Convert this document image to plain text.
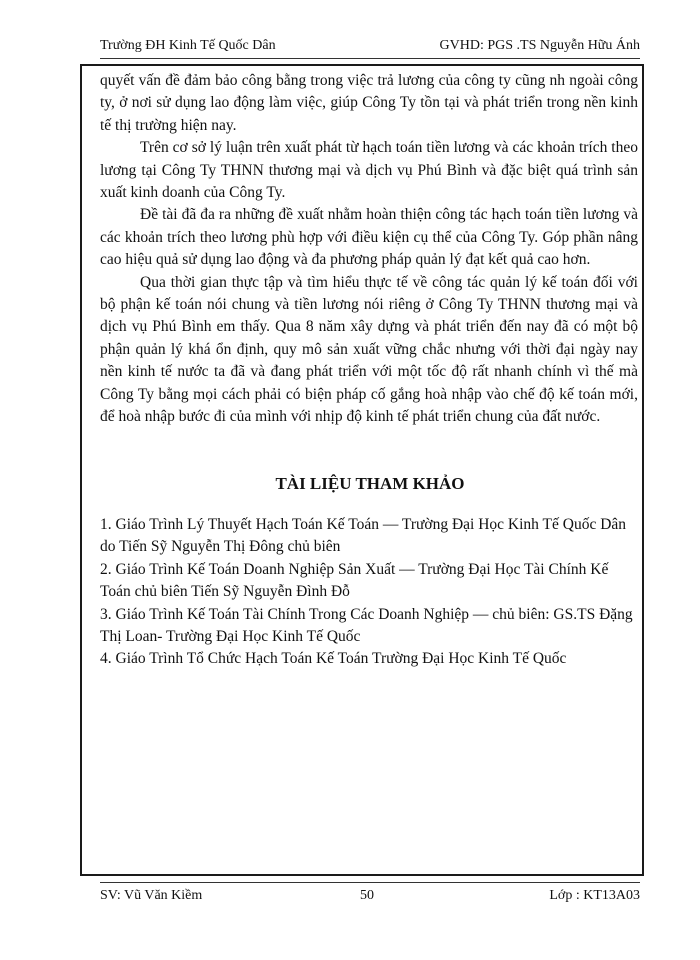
Trường ĐH Kinh Tế Quốc Dân	GVHD: PGS .TS Nguyễn Hữu Ánh

quyết vấn đề đảm bảo công bằng trong việc trả lương của công ty cũng nh ngoài công ty, ở nơi sử dụng lao động làm việc, giúp Công Ty tồn tại và phát triển trong nền kinh tế thị trường hiện nay.

Trên cơ sở lý luận trên xuất phát từ hạch toán tiền lương và các khoản trích theo lương tại Công Ty THNN thương mại và dịch vụ Phú Bình và đặc biệt quá trình sản xuất kinh doanh của Công Ty.

Đề tài đã đa ra những đề xuất nhằm hoàn thiện công tác hạch toán tiền lương và các khoản trích theo lương phù hợp với điều kiện cụ thể của Công Ty. Góp phần nâng cao hiệu quả sử dụng lao động và đa phương pháp quản lý đạt kết quả cao hơn.

Qua thời gian thực tập và tìm hiểu thực tế về công tác quản lý kế toán đối với bộ phận kế toán nói chung và tiền lương nói riêng ở Công Ty THNN thương mại và dịch vụ Phú Bình em thấy. Qua 8 năm xây dựng và phát triển đến nay đã có một bộ phận quản lý khá ổn định, quy mô sản xuất vững chắc nhưng với thời đại ngày nay nền kinh tế nước ta đã và đang phát triển với một tốc độ rất nhanh chính vì thế mà Công Ty bằng mọi cách phải có biện pháp cố gắng hoà nhập vào chế độ kế toán mới, để hoà nhập bước đi của mình với nhịp độ kinh tế phát triển chung của đất nước.

TÀI LIỆU THAM KHẢO

1. Giáo Trình Lý Thuyết Hạch Toán Kế Toán — Trường Đại Học Kinh Tế Quốc Dân do Tiến Sỹ Nguyễn Thị Đông chủ biên

2. Giáo Trình Kế Toán Doanh Nghiệp Sản Xuất — Trường Đại Học Tài Chính Kế Toán chủ biên Tiến Sỹ Nguyễn Đình Đỗ

3. Giáo Trình Kế Toán Tài Chính Trong Các Doanh Nghiệp — chủ biên: GS.TS Đặng Thị Loan- Trường Đại Học Kinh Tế Quốc

4. Giáo Trình Tổ Chức Hạch Toán Kế Toán Trường Đại Học Kinh Tế Quốc

SV: Vũ Văn Kiềm	50	Lớp : KT13A03
